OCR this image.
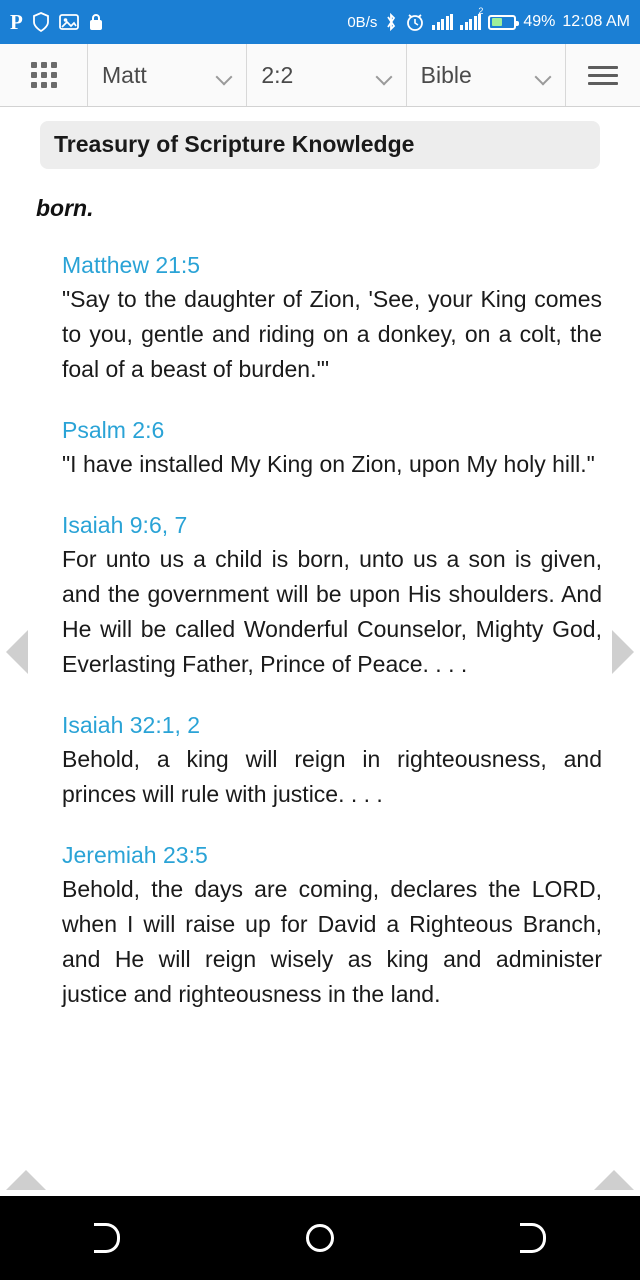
P	0B/s
2
49% 12:08 AM
Matt	2:2	Bible
Treasury of Scripture Knowledge
born.
Matthew 21:5
"Say to the daughter of Zion, 'See, your King comes to you, gentle and riding on a donkey, on a colt, the foal of a beast of burden.'"
Psalm 2:6
"I have installed My King on Zion, upon My holy hill."
Isaiah 9:6, 7
For unto us a child is born, unto us a son is given, and the government will be upon His shoulders. And He will be called Wonderful Counselor, Mighty God, Everlasting Father, Prince of Peace. . . .
Isaiah 32:1, 2
Behold, a king will reign in righteousness, and princes will rule with justice. . . .
Jeremiah 23:5
Behold, the days are coming, declares the LORD, when I will raise up for David a Righteous Branch, and He will reign wisely as king and administer justice and righteousness in the land.
